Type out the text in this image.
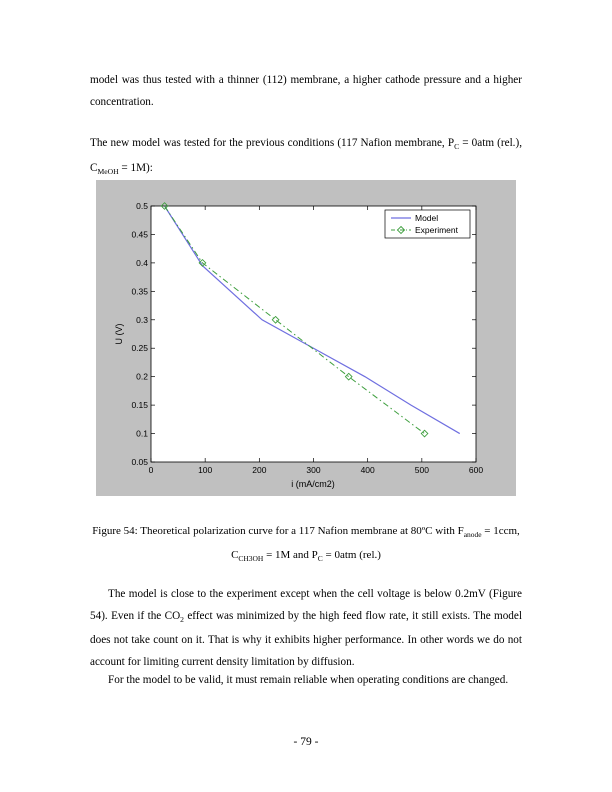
model was thus tested with a thinner (112) membrane, a higher cathode pressure and a higher concentration.

The new model was tested for the previous conditions (117 Nafion membrane, $P_C = 0atm$ (rel.), $C_{MeOH} = 1M$):

0	100	200	300	400	500	600
0.05
0.1
0.15
0.2
0.25
0.3
0.35
0.4
0.45
0.5
i (mA/cm2)
U (V)
Model
Experiment

Figure 54: Theoretical polarization curve for a 117 Nafion membrane at 80ºC with $F_{anode} = 1ccm$, $C_{CH3OH} = 1M$ and $P_C = 0atm$ (rel.)

The model is close to the experiment except when the cell voltage is below 0.2mV (Figure 54). Even if the $CO_2$ effect was minimized by the high feed flow rate, it still exists. The model does not take count on it. That is why it exhibits higher performance. In other words we do not account for limiting current density limitation by diffusion.

For the model to be valid, it must remain reliable when operating conditions are changed.

- 79 -
